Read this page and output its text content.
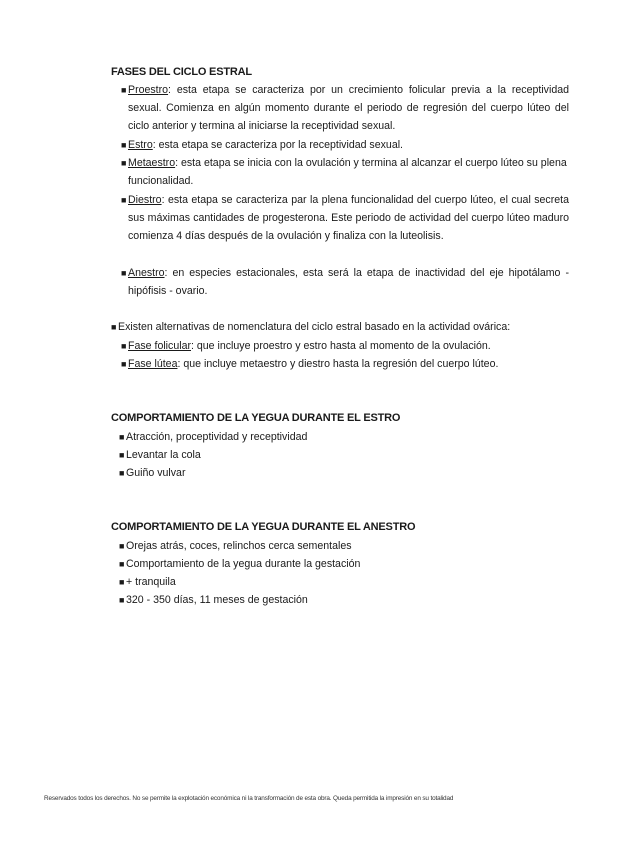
FASES DEL CICLO ESTRAL
■ Proestro: esta etapa se caracteriza por un crecimiento folicular previa a la receptividad sexual. Comienza en algún momento durante el periodo de regresión del cuerpo lúteo del ciclo anterior y termina al iniciarse la receptividad sexual.
■ Estro: esta etapa se caracteriza por la receptividad sexual.
■ Metaestro: esta etapa se inicia con la ovulación y termina al alcanzar el cuerpo lúteo su plena funcionalidad.
■ Diestro: esta etapa se caracteriza par la plena funcionalidad del cuerpo lúteo, el cual secreta sus máximas cantidades de progesterona. Este periodo de actividad del cuerpo lúteo maduro comienza 4 días después de la ovulación y finaliza con la luteolisis.
■ Anestro: en especies estacionales, esta será la etapa de inactividad del eje hipotálamo - hipófisis - ovario.
■ Existen alternativas de nomenclatura del ciclo estral basado en la actividad ovárica:
■ Fase folicular: que incluye proestro y estro hasta al momento de la ovulación.
■ Fase lútea: que incluye metaestro y diestro hasta la regresión del cuerpo lúteo.
COMPORTAMIENTO DE LA YEGUA DURANTE EL ESTRO
■ Atracción, proceptividad y receptividad
■ Levantar la cola
■ Guiño vulvar
COMPORTAMIENTO DE LA YEGUA DURANTE EL ANESTRO
■ Orejas atrás, coces, relinchos cerca sementales
■ Comportamiento de la yegua durante la gestación
■ + tranquila
■ 320 - 350 días, 11 meses de gestación
Reservados todos los derechos. No se permite la explotación económica ni la transformación de esta obra. Queda permitida la impresión en su totalidad
